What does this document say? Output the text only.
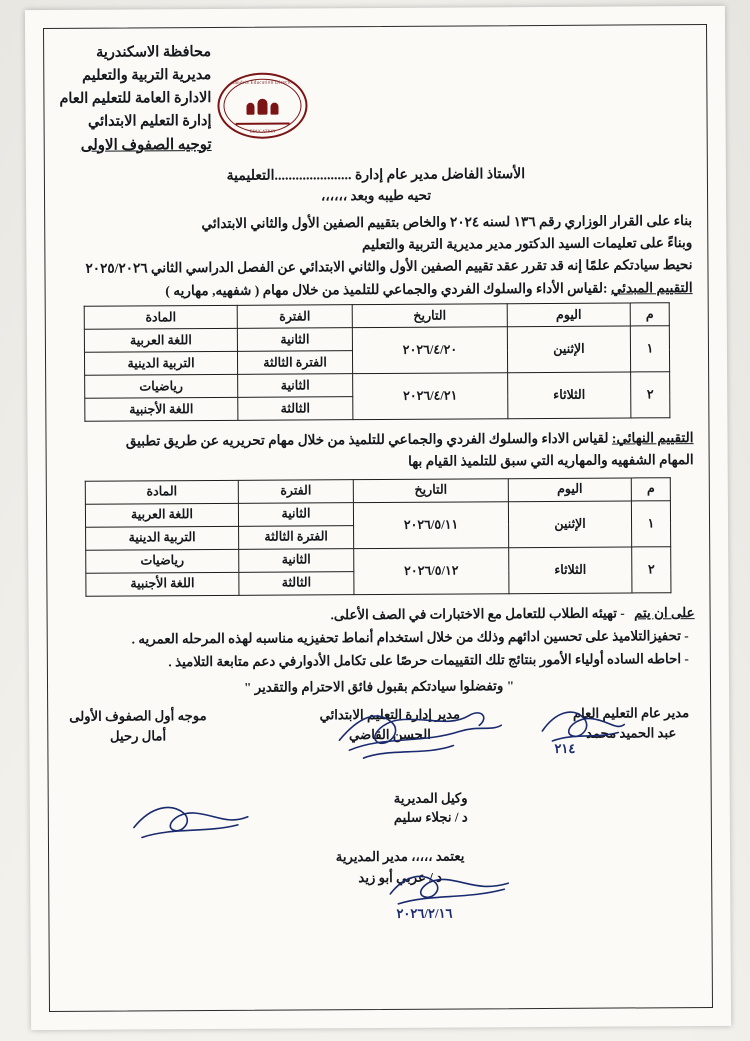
محافظة الاسكندرية
مديرية التربية والتعليم
الادارة العامة للتعليم العام
إدارة التعليم الابتدائي
توجيه الصفوف الاولى
Alexandria Education Directorate
EDUCATION
الأستاذ الفاضل مدير عام إدارة ......................التعليمية
تحيه طيبه وبعد ،،،،،،
بناء على القرار الوزاري رقم ١٣٦ لسنه ٢٠٢٤ والخاص بتقييم الصفين الأول والثاني الابتدائي
وبناءً على تعليمات السيد الدكتور مدير مديرية التربية والتعليم
نحيط سيادتكم علمًا إنه قد تقرر عقد تقييم الصفين الأول والثاني الابتدائي عن الفصل الدراسي الثاني ٢٠٢٥/٢٠٢٦
التقييم المبدئي :لقياس الأداء والسلوك الفردي والجماعي للتلميذ من خلال مهام ( شفهيه, مهاريه )
م	اليوم	التاريخ	الفترة	المادة
١	الإثنين	٢٠٢٦/٤/٢٠	الثانية	اللغة العربية
			الفترة الثالثة	التربية الدينية
٢	الثلاثاء	٢٠٢٦/٤/٢١	الثانية	رياضيات
			الثالثة	اللغة الأجنبية
التقييم النهائي: لقياس الاداء والسلوك الفردي والجماعي للتلميذ من خلال مهام تحريريه عن طريق تطبيق
المهام الشفهيه والمهاريه التي سبق للتلميذ القيام بها
م	اليوم	التاريخ	الفترة	المادة
١	الإثنين	٢٠٢٦/٥/١١	الثانية	اللغة العربية
			الفترة الثالثة	التربية الدينية
٢	الثلاثاء	٢٠٢٦/٥/١٢	الثانية	رياضيات
			الثالثة	اللغة الأجنبية
على ان يتم - تهيئه الطلاب للتعامل مع الاختبارات في الصف الأعلى.
- تحفيزالتلاميذ على تحسين ادائهم وذلك من خلال استخدام أنماط تحفيزيه مناسبه لهذه المرحله العمريه .
- احاطه الساده أولياء الأمور بنتائج تلك التقييمات حرصًا على تكامل الأدوارفي دعم متابعة التلاميذ .
" وتفضلوا سيادتكم بقبول فائق الاحترام والتقدير "
موجه أول الصفوف الأولى
أمال رحيل
مدير إدارة التعليم الابتدائي
الحسن القاضي
مدير عام التعليم العام
عبد الحميد محمد
وكيل المديرية
د / نجلاء سليم
يعتمد ،،،،، مدير المديرية
د / عربي أبو زيد
٢١٤
٢٠٢٦/٢/١٦
